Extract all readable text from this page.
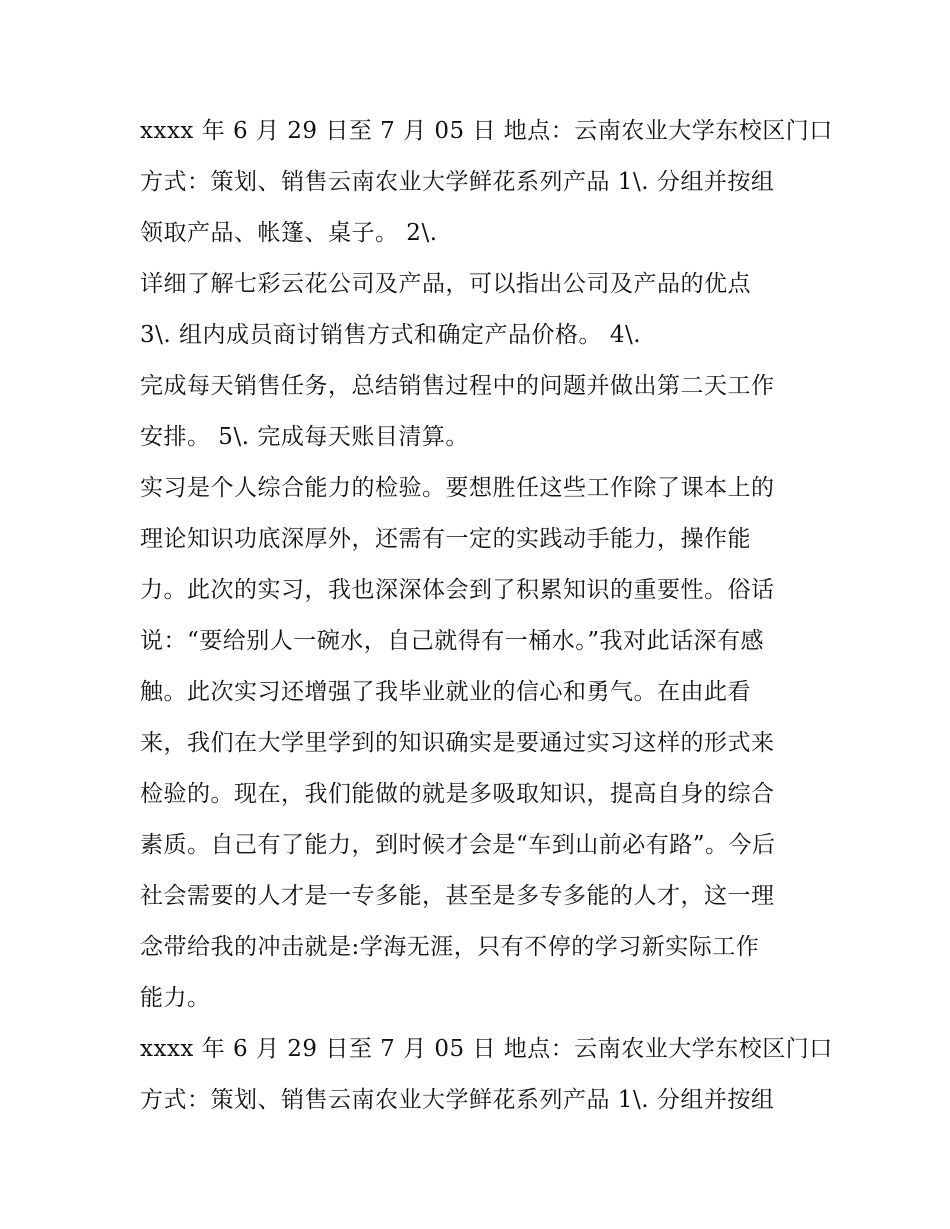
xxxx 年 6 月 29 日至 7 月 05 日 地点：云南农业大学东校区门口
方式：策划、销售云南农业大学鲜花系列产品 1\. 分组并按组
领取产品、帐篷、桌子。 2\.
详细了解七彩云花公司及产品，可以指出公司及产品的优点
3\. 组内成员商讨销售方式和确定产品价格。 4\.
完成每天销售任务，总结销售过程中的问题并做出第二天工作
安排。 5\. 完成每天账目清算。
实习是个人综合能力的检验。要想胜任这些工作除了课本上的
理论知识功底深厚外，还需有一定的实践动手能力，操作能
力。此次的实习，我也深深体会到了积累知识的重要性。俗话
说：“要给别人一碗水，自己就得有一桶水。”我对此话深有感
触。此次实习还增强了我毕业就业的信心和勇气。在由此看
来，我们在大学里学到的知识确实是要通过实习这样的形式来
检验的。现在，我们能做的就是多吸取知识，提高自身的综合
素质。自己有了能力，到时候才会是“车到山前必有路”。今后
社会需要的人才是一专多能，甚至是多专多能的人才，这一理
念带给我的冲击就是:学海无涯，只有不停的学习新实际工作
能力。
xxxx 年 6 月 29 日至 7 月 05 日 地点：云南农业大学东校区门口
方式：策划、销售云南农业大学鲜花系列产品 1\. 分组并按组
